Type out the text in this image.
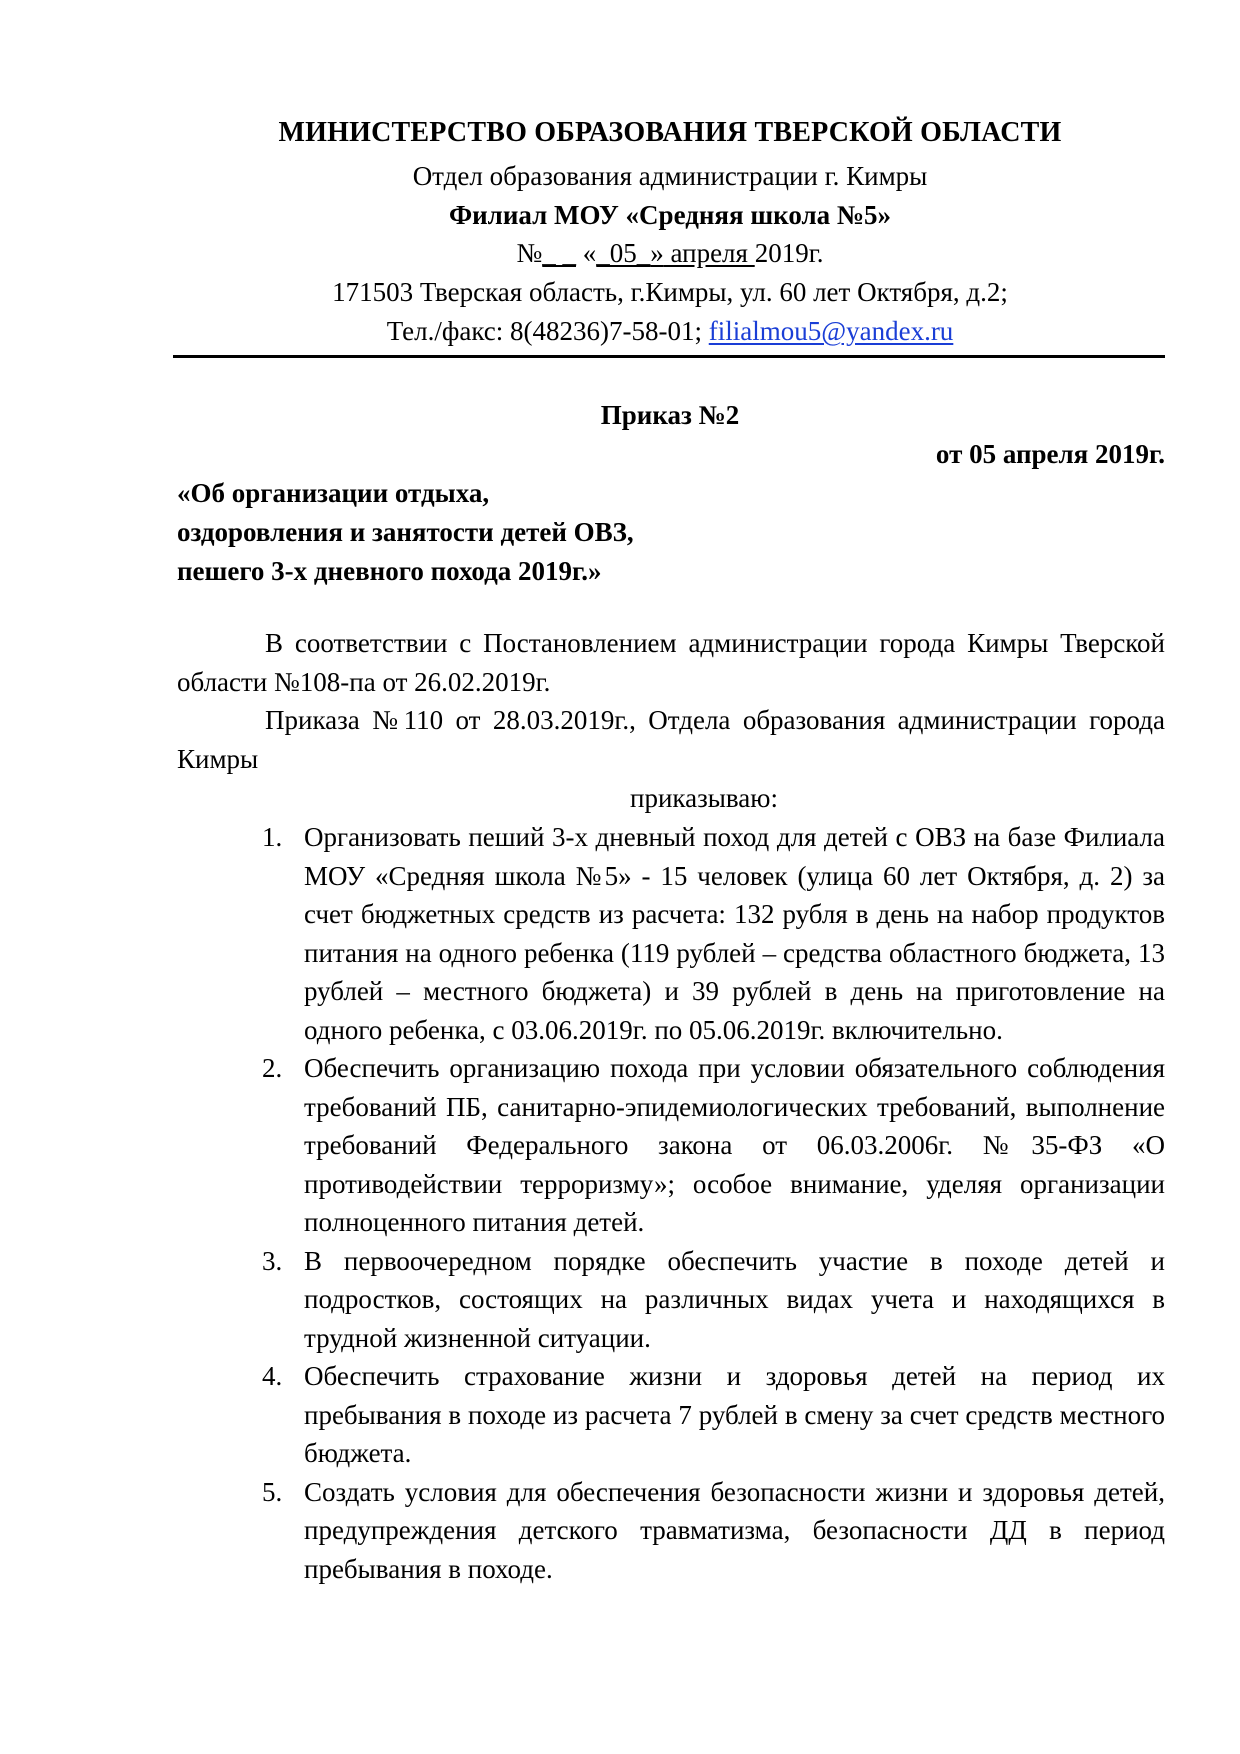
МИНИСТЕРСТВО ОБРАЗОВАНИЯ ТВЕРСКОЙ ОБЛАСТИ
Отдел образования администрации г. Кимры
Филиал МОУ «Средняя школа №5»
№_ _ «_05_» апреля 2019г.
171503 Тверская область, г.Кимры, ул. 60 лет Октября, д.2;
Тел./факс: 8(48236)7-58-01; filialmou5@yandex.ru
Приказ №2
от 05 апреля 2019г.
«Об организации отдыха,
оздоровления и занятости детей ОВЗ,
пешего 3-х дневного похода 2019г.»
В соответствии с Постановлением администрации города Кимры Тверской области №108-па от 26.02.2019г.
Приказа №110 от 28.03.2019г., Отдела образования администрации города Кимры
приказываю:
1. Организовать пеший 3-х дневный поход для детей с ОВЗ на базе Филиала МОУ «Средняя школа №5» - 15 человек (улица 60 лет Октября, д. 2) за счет бюджетных средств из расчета: 132 рубля в день на набор продуктов питания на одного ребенка (119 рублей – средства областного бюджета, 13 рублей – местного бюджета) и 39 рублей в день на приготовление на одного ребенка, с 03.06.2019г. по 05.06.2019г. включительно.
2. Обеспечить организацию похода при условии обязательного соблюдения требований ПБ, санитарно-эпидемиологических требований, выполнение требований Федерального закона от 06.03.2006г. №35-ФЗ «О противодействии терроризму»; особое внимание, уделяя организации полноценного питания детей.
3. В первоочередном порядке обеспечить участие в походе детей и подростков, состоящих на различных видах учета и находящихся в трудной жизненной ситуации.
4. Обеспечить страхование жизни и здоровья детей на период их пребывания в походе из расчета 7 рублей в смену за счет средств местного бюджета.
5. Создать условия для обеспечения безопасности жизни и здоровья детей, предупреждения детского травматизма, безопасности ДД в период пребывания в походе.
